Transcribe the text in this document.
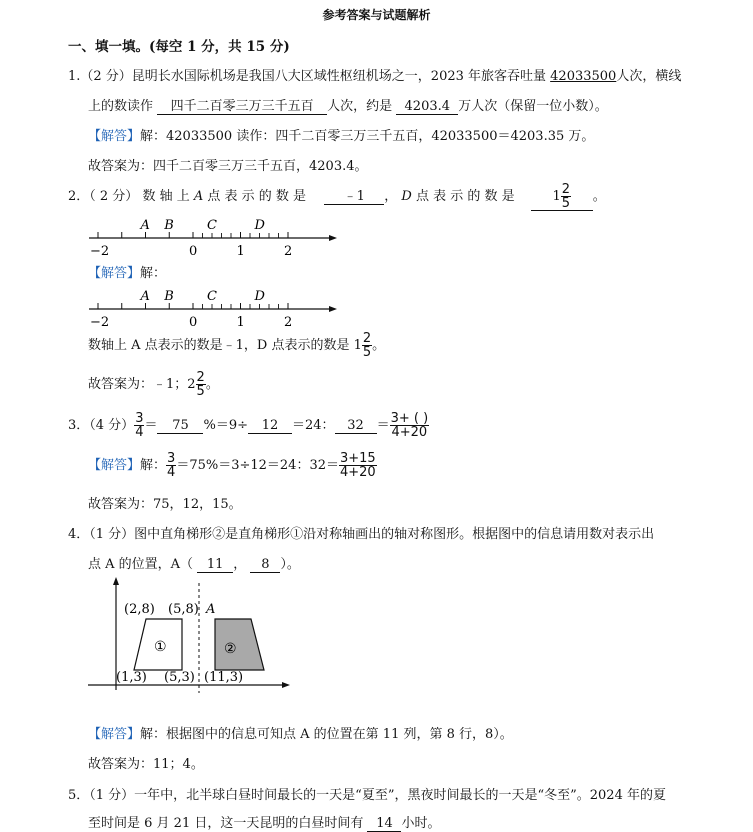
参考答案与试题解析
一、填一填。(每空 1 分，共 15 分)
1.（2 分）昆明长水国际机场是我国八大区域性枢纽机场之一，2023 年旅客吞吐量 42033500人次，横线
上的数读作 四千二百零三万三千五百 人次，约是 4203.4 万人次（保留一位小数）。
【解答】解：42033500 读作：四千二百零三万三千五百，42033500＝4203.35 万。
故答案为：四千二百零三万三千五百，4203.4。
2．（ 2 分） 数 轴 上 A 点 表 示 的 数 是	﹣1 ， D 点 表 示 的 数 是	$1 \frac{2}{5}$ 。
−2	0	1	2
A B	C	D
【解答】解：
−2	0	1	2
A B	C	D
数轴上 A 点表示的数是﹣1，D 点表示的数是 $1 \frac{2}{5}$ 。
故答案为：﹣1；$2 \frac{2}{5}$ 。
3．（4 分） $\frac{3}{4} = 75$ %＝9÷ 12 ＝24： $32 = \frac{3+ ( )}{4+20}$
【解答】解： $\frac{3}{4} =75\%=3\div 12=24$：$32= \frac{3+15}{4+20}$
故答案为：75，12，15。
4．（1 分）图中直角梯形②是直角梯形①沿对称轴画出的轴对称图形。根据图中的信息请用数对表示出
点 A 的位置，A（ 11 ， 8 ）。
(2,8) (5,8) A
①	②
(1,3) (5,3) (11,3)
【解答】解：根据图中的信息可知点 A 的位置在第 11 列，第 8 行，8）。
故答案为：11；4。
5．（1 分）一年中，北半球白昼时间最长的一天是“夏至”，黑夜时间最长的一天是“冬至”。2024 年的夏
至时间是 6 月 21 日，这一天昆明的白昼时间有 14 小时。
